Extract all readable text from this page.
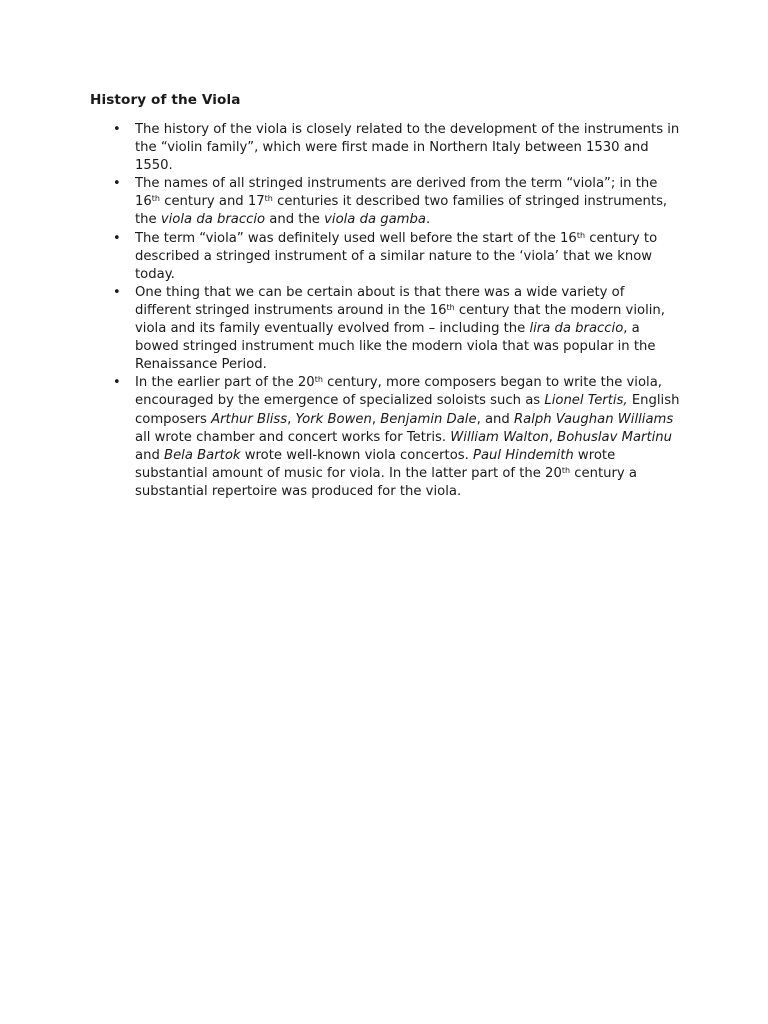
History of the Viola
•	The history of the viola is closely related to the development of the instruments in the “violin family”, which were first made in Northern Italy between 1530 and 1550.
•	The names of all stringed instruments are derived from the term “viola”; in the 16th century and 17th centuries it described two families of stringed instruments, the viola da braccio and the viola da gamba.
•	The term “viola” was definitely used well before the start of the 16th century to described a stringed instrument of a similar nature to the ‘viola’ that we know today.
•	One thing that we can be certain about is that there was a wide variety of different stringed instruments around in the 16th century that the modern violin, viola and its family eventually evolved from – including the lira da braccio, a bowed stringed instrument much like the modern viola that was popular in the Renaissance Period.
•	In the earlier part of the 20th century, more composers began to write the viola, encouraged by the emergence of specialized soloists such as Lionel Tertis, English composers Arthur Bliss, York Bowen, Benjamin Dale, and Ralph Vaughan Williams all wrote chamber and concert works for Tetris. William Walton, Bohuslav Martinu and Bela Bartok wrote well-known viola concertos. Paul Hindemith wrote substantial amount of music for viola. In the latter part of the 20th century a substantial repertoire was produced for the viola.
